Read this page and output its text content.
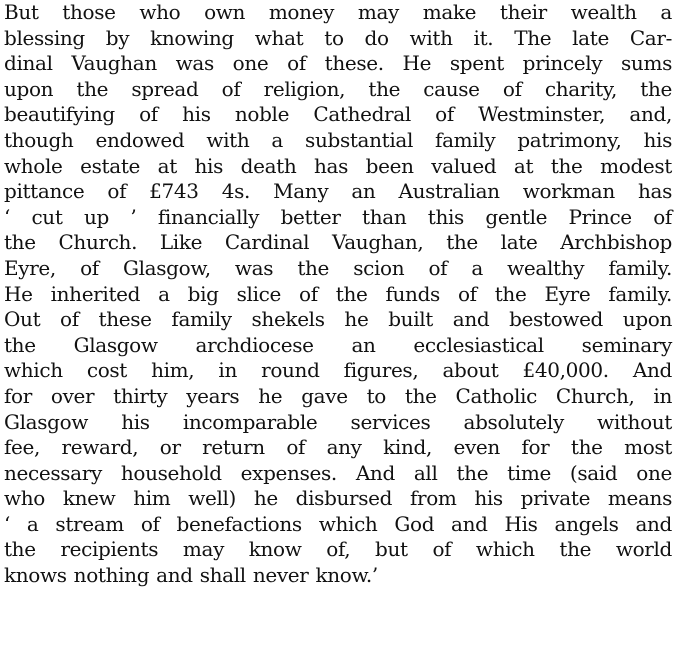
But those who own money may make their wealth a
blessing by knowing what to do with it. The late Car-
dinal Vaughan was one of these. He spent princely sums
upon the spread of religion, the cause of charity, the
beautifying of his noble Cathedral of Westminster, and,
though endowed with a substantial family patrimony, his
whole estate at his death has been valued at the modest
pittance of £743 4s. Many an Australian workman has
‘ cut up ’ financially better than this gentle Prince of
the Church. Like Cardinal Vaughan, the late Archbishop
Eyre, of Glasgow, was the scion of a wealthy family.
He inherited a big slice of the funds of the Eyre family.
Out of these family shekels he built and bestowed upon
the Glasgow archdiocese an ecclesiastical seminary
which cost him, in round figures, about £40,000. And
for over thirty years he gave to the Catholic Church, in
Glasgow his incomparable services absolutely without
fee, reward, or return of any kind, even for the most
necessary household expenses. And all the time (said one
who knew him well) he disbursed from his private means
‘ a stream of benefactions which God and His angels and
the recipients may know of, but of which the world
knows nothing and shall never know.’
